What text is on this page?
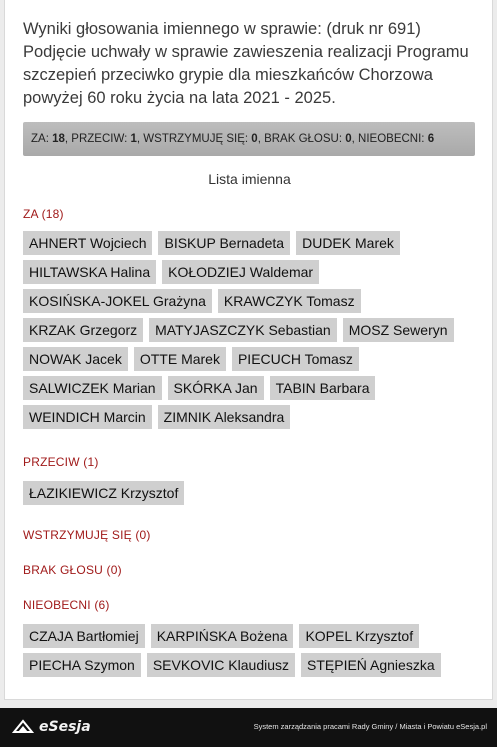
Wyniki głosowania imiennego w sprawie: (druk nr 691) Podjęcie uchwały w sprawie zawieszenia realizacji Programu szczepień przeciwko grypie dla mieszkańców Chorzowa powyżej 60 roku życia na lata 2021 - 2025.
ZA: 18, PRZECIW: 1, WSTRZYMUJĘ SIĘ: 0, BRAK GŁOSU: 0, NIEOBECNI: 6
Lista imienna
ZA (18)
AHNERT Wojciech	BISKUP Bernadeta	DUDEK Marek
HILTAWSKA Halina	KOŁODZIEJ Waldemar
KOSIŃSKA-JOKEL Grażyna	KRAWCZYK Tomasz
KRZAK Grzegorz	MATYJASZCZYK Sebastian	MOSZ Seweryn
NOWAK Jacek	OTTE Marek	PIECUCH Tomasz
SALWICZEK Marian	SKÓRKA Jan	TABIN Barbara
WEINDICH Marcin	ZIMNIK Aleksandra
PRZECIW (1)
ŁAZIKIEWICZ Krzysztof
WSTRZYMUJĘ SIĘ (0)
BRAK GŁOSU (0)
NIEOBECNI (6)
CZAJA Bartłomiej	KARPIŃSKA Bożena	KOPEL Krzysztof
PIECHA Szymon	SEVKOVIC Klaudiusz	STĘPIEŃ Agnieszka
eSesja	System zarządzania pracami Rady Gminy / Miasta i Powiatu eSesja.pl
